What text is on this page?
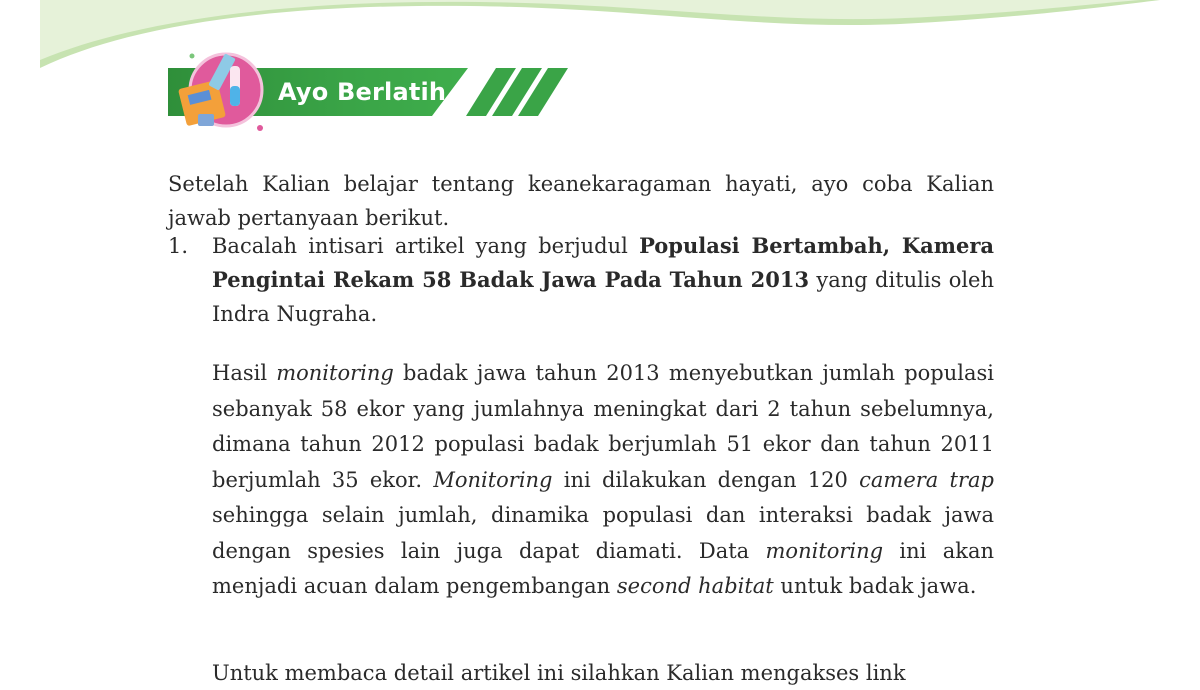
Ayo Berlatih

Setelah Kalian belajar tentang keanekaragaman hayati, ayo coba Kalian jawab pertanyaan berikut.

1. Bacalah intisari artikel yang berjudul Populasi Bertambah, Kamera Pengintai Rekam 58 Badak Jawa Pada Tahun 2013 yang ditulis oleh Indra Nugraha.
Hasil monitoring badak jawa tahun 2013 menyebutkan jumlah populasi sebanyak 58 ekor yang jumlahnya meningkat dari 2 tahun sebelumnya, dimana tahun 2012 populasi badak berjumlah 51 ekor dan tahun 2011 berjumlah 35 ekor. Monitoring ini dilakukan dengan 120 camera trap sehingga selain jumlah, dinamika populasi dan interaksi badak jawa dengan spesies lain juga dapat diamati. Data monitoring ini akan menjadi acuan dalam pengembangan second habitat untuk badak jawa.
Untuk membaca detail artikel ini silahkan Kalian mengakses link
